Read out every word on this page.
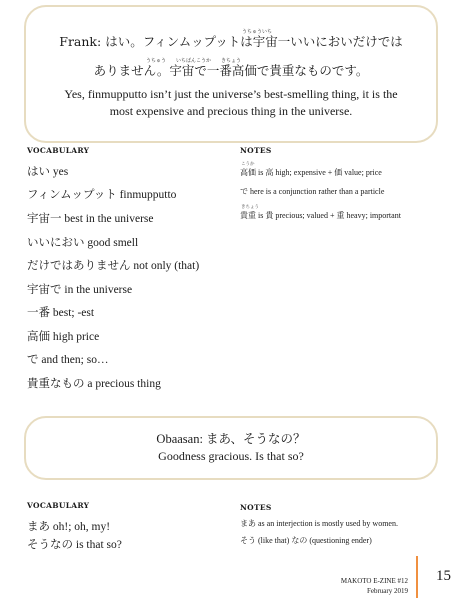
うちゅういち
Frank: はい。フィンムップットは宇宙一いいにおいだけでは
うちゅう　　いちばんこうか　　きちょう
ありません。宇宙で一番高価で貴重なものです。
Yes, finmupputto isn’t just the universe’s best-smelling thing, it is the
most expensive and precious thing in the universe.
VOCABULARY
はい yes
フィンムップット finmupputto
宇宙一 best in the universe
いいにおい good smell
だけではありません not only (that)
宇宙で in the universe
一番 best; -est
高価 high price
で and then; so…
貴重なもの a precious thing
NOTES
こうか
高価 is 高 high; expensive + 価 value; price
で here is a conjunction rather than a particle
きちょう
貴重 is 貴 precious; valued + 重 heavy; important
Obaasan: まあ、そうなの？
Goodness gracious. Is that so?
VOCABULARY
まあ oh!; oh, my!
そうなの is that so?
NOTES
まあ as an interjection is mostly used by women.
そう (like that) なの (questioning ender)
MAKOTO E-ZINE #12
February 2019
15
